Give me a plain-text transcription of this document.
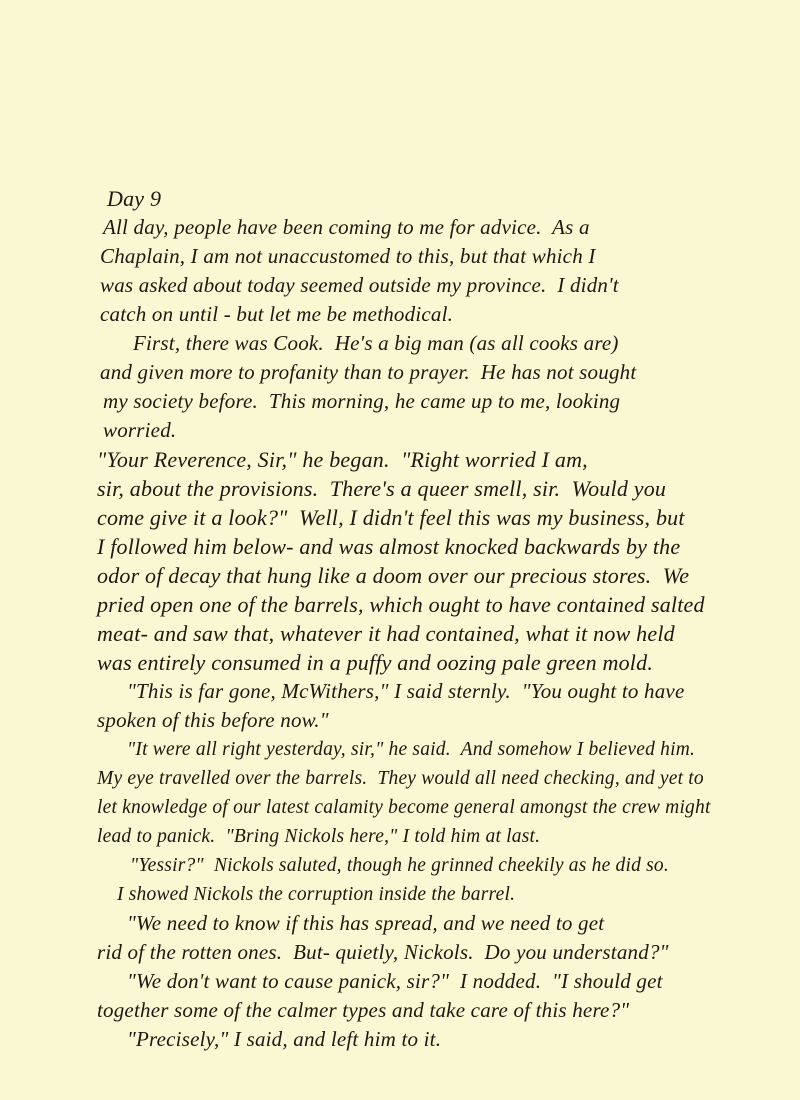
Day 9
All day, people have been coming to me for advice.  As a
Chaplain, I am not unaccustomed to this, but that which I
was asked about today seemed outside my province.  I didn't
catch on until - but let me be methodical.
First, there was Cook.  He's a big man (as all cooks are)
and given more to profanity than to prayer.  He has not sought
my society before.  This morning, he came up to me, looking
worried.
"Your Reverence, Sir," he began.  "Right worried I am,
sir, about the provisions.  There's a queer smell, sir.  Would you
come give it a look?"  Well, I didn't feel this was my business, but
I followed him below- and was almost knocked backwards by the
odor of decay that hung like a doom over our precious stores.  We
pried open one of the barrels, which ought to have contained salted
meat- and saw that, whatever it had contained, what it now held
was entirely consumed in a puffy and oozing pale green mold.
"This is far gone, McWithers," I said sternly.  "You ought to have
spoken of this before now."
"It were all right yesterday, sir," he said.  And somehow I believed him.
My eye travelled over the barrels.  They would all need checking, and yet to
let knowledge of our latest calamity become general amongst the crew might
lead to panick.  "Bring Nickols here," I told him at last.
"Yessir?"  Nickols saluted, though he grinned cheekily as he did so.
I showed Nickols the corruption inside the barrel.
"We need to know if this has spread, and we need to get
rid of the rotten ones.  But- quietly, Nickols.  Do you understand?"
"We don't want to cause panick, sir?"  I nodded.  "I should get
together some of the calmer types and take care of this here?"
"Precisely," I said, and left him to it.
